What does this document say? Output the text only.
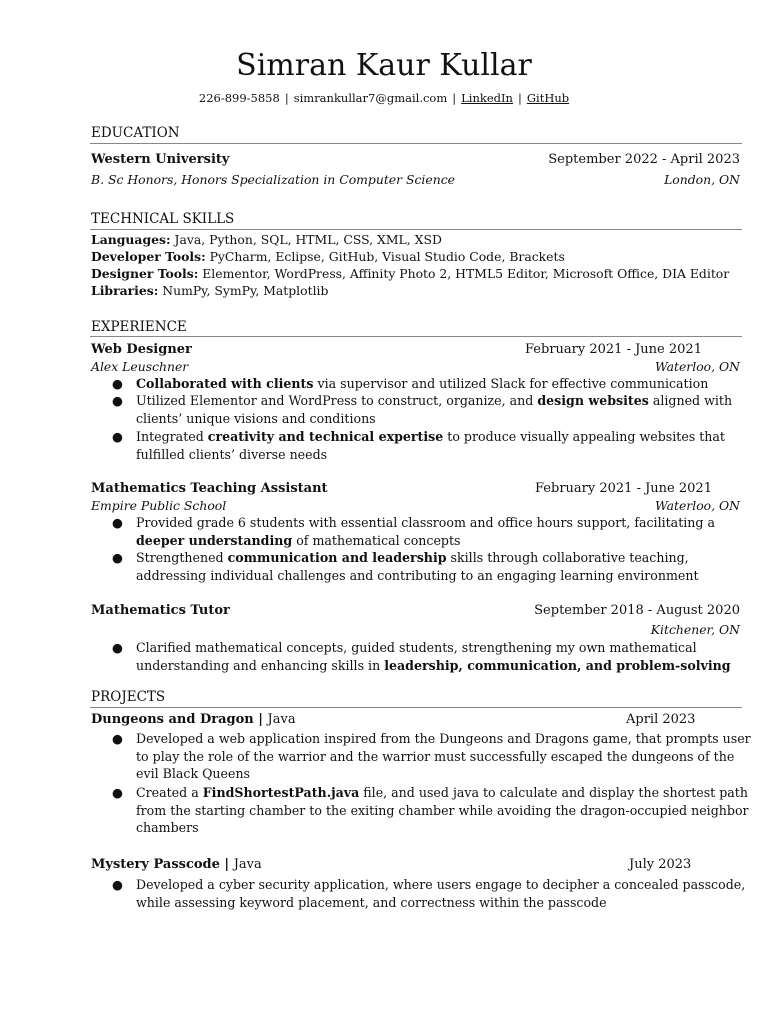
Simran Kaur Kullar
226-899-5858 | simrankullar7@gmail.com | LinkedIn | GitHub
EDUCATION
Western University	September 2022 - April 2023
B. Sc Honors, Honors Specialization in Computer Science	London, ON
TECHNICAL SKILLS
Languages: Java, Python, SQL, HTML, CSS, XML, XSD
Developer Tools: PyCharm, Eclipse, GitHub, Visual Studio Code, Brackets
Designer Tools: Elementor, WordPress, Affinity Photo 2, HTML5 Editor, Microsoft Office, DIA Editor
Libraries: NumPy, SymPy, Matplotlib
EXPERIENCE
Web Designer	February 2021 - June 2021
Alex Leuschner	Waterloo, ON
● Collaborated with clients via supervisor and utilized Slack for effective communication
● Utilized Elementor and WordPress to construct, organize, and design websites aligned with clients’ unique visions and conditions
● Integrated creativity and technical expertise to produce visually appealing websites that fulfilled clients’ diverse needs
Mathematics Teaching Assistant	February 2021 - June 2021
Empire Public School	Waterloo, ON
● Provided grade 6 students with essential classroom and office hours support, facilitating a deeper understanding of mathematical concepts
● Strengthened communication and leadership skills through collaborative teaching, addressing individual challenges and contributing to an engaging learning environment
Mathematics Tutor	September 2018 - August 2020
Kitchener, ON
● Clarified mathematical concepts, guided students, strengthening my own mathematical understanding and enhancing skills in leadership, communication, and problem-solving
PROJECTS
Dungeons and Dragon | Java	April 2023
● Developed a web application inspired from the Dungeons and Dragons game, that prompts user to play the role of the warrior and the warrior must successfully escaped the dungeons of the evil Black Queens
● Created a FindShortestPath.java file, and used java to calculate and display the shortest path from the starting chamber to the exiting chamber while avoiding the dragon-occupied neighbor chambers
Mystery Passcode | Java	July 2023
● Developed a cyber security application, where users engage to decipher a concealed passcode, while assessing keyword placement, and correctness within the passcode
